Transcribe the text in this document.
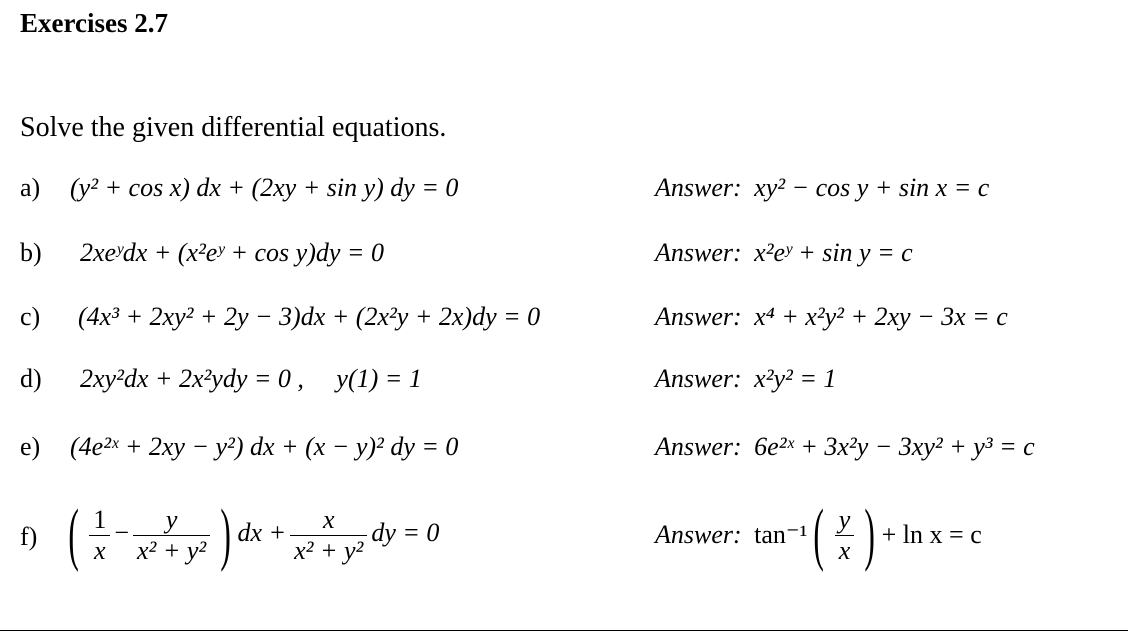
Exercises 2.7
Solve the given differential equations.
a) (y² + cos x) dx + (2xy + sin y) dy = 0	Answer: xy² − cos y + sin x = c
b) 2xeʸdx + (x²eʸ + cos y)dy = 0	Answer: x²eʸ + sin y = c
c) (4x³ + 2xy² + 2y − 3)dx + (2x²y + 2x)dy = 0	Answer: x⁴ + x²y² + 2xy − 3x = c
d) 2xy²dx + 2x²ydy = 0 ,     y(1) = 1	Answer: x²y² = 1
e) (4e²ˣ + 2xy − y²) dx + (x − y)² dy = 0	Answer: 6e²ˣ + 3x²y − 3xy² + y³ = c
f) ( $\frac{1}{x} - \frac{y}{\text{x² + y²}}$ ) dx + $\frac{x}{\text{x² + y²}}$ dy = 0	Answer: $\tan^{-1}( \frac{y}{x}$ ) + ln x = c
